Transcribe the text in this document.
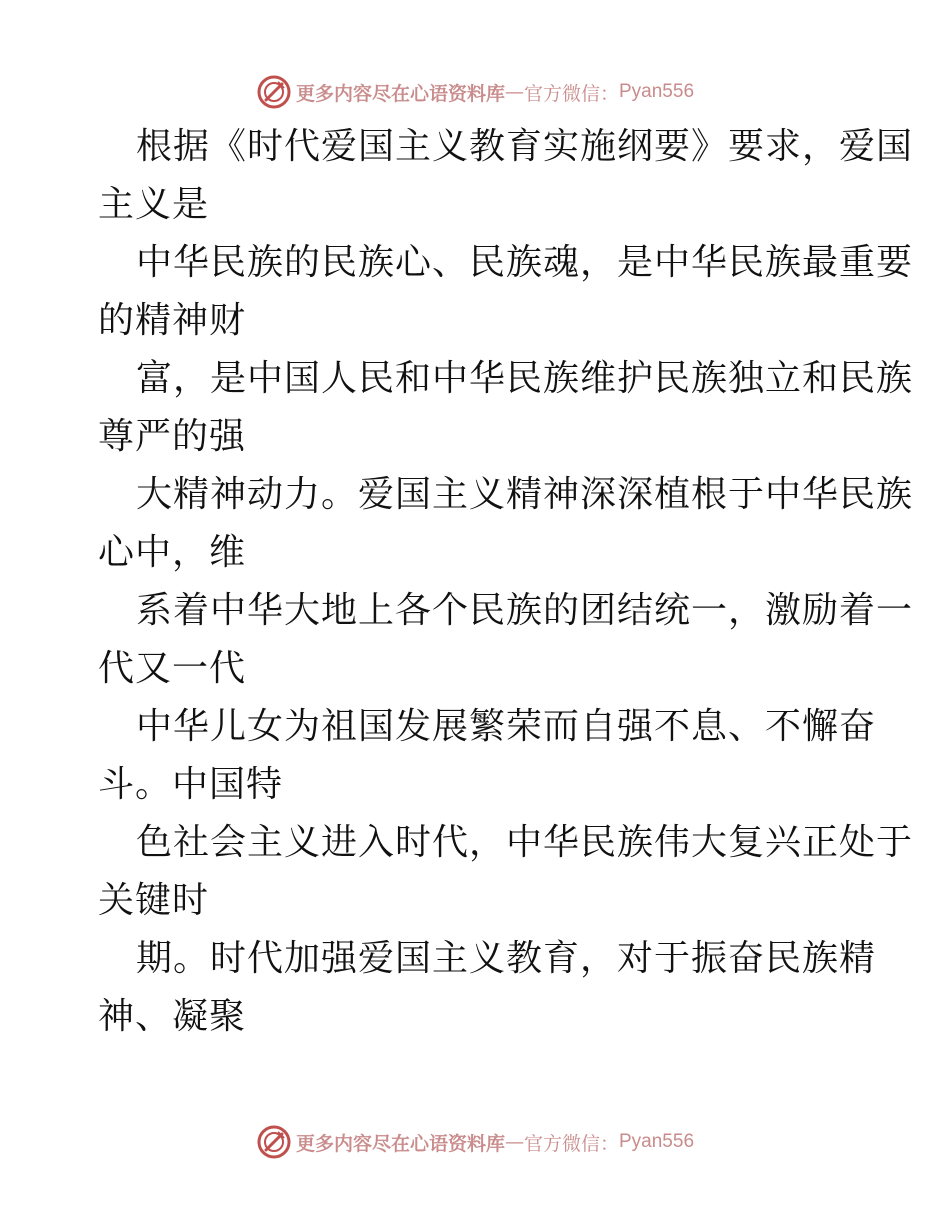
更多内容尽在心语资料库 — 官方微信： Pyan556
根据《时代爱国主义教育实施纲要》要求，爱国
主义是
中华民族的民族心、民族魂，是中华民族最重要
的精神财
富，是中国人民和中华民族维护民族独立和民族
尊严的强
大精神动力。爱国主义精神深深植根于中华民族
心中，维
系着中华大地上各个民族的团结统一，激励着一
代又一代
中华儿女为祖国发展繁荣而自强不息、不懈奋
斗。中国特
色社会主义进入时代，中华民族伟大复兴正处于
关键时
期。时代加强爱国主义教育，对于振奋民族精
神、凝聚
更多内容尽在心语资料库 — 官方微信： Pyan556
